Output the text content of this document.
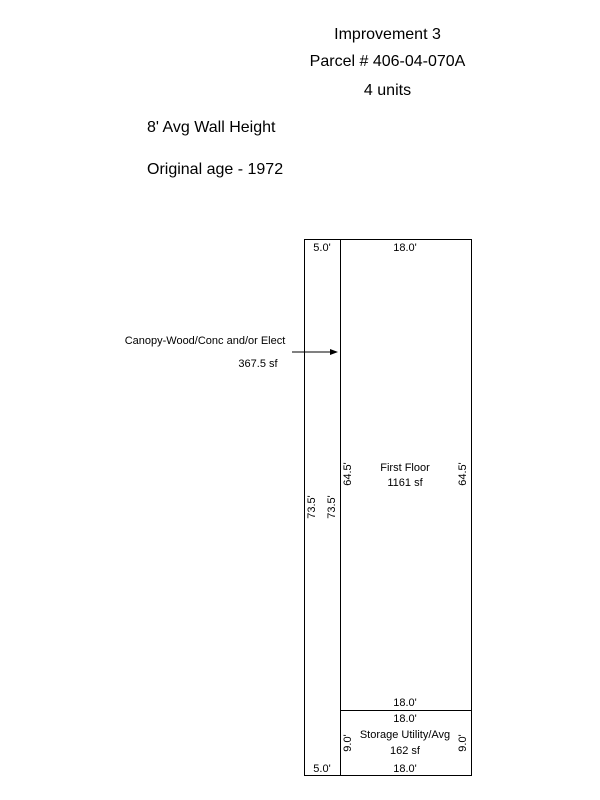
Improvement 3
Parcel # 406-04-070A
4 units
8' Avg Wall Height
Original age - 1972
Canopy-Wood/Conc and/or Elect
367.5 sf
5.0'
5.0'
73.5' 73.5'
18.0'
First Floor
1161 sf
64.5'	64.5'
18.0'
18.0'
Storage Utility/Avg
162 sf
18.0'
9.0'	9.0'
